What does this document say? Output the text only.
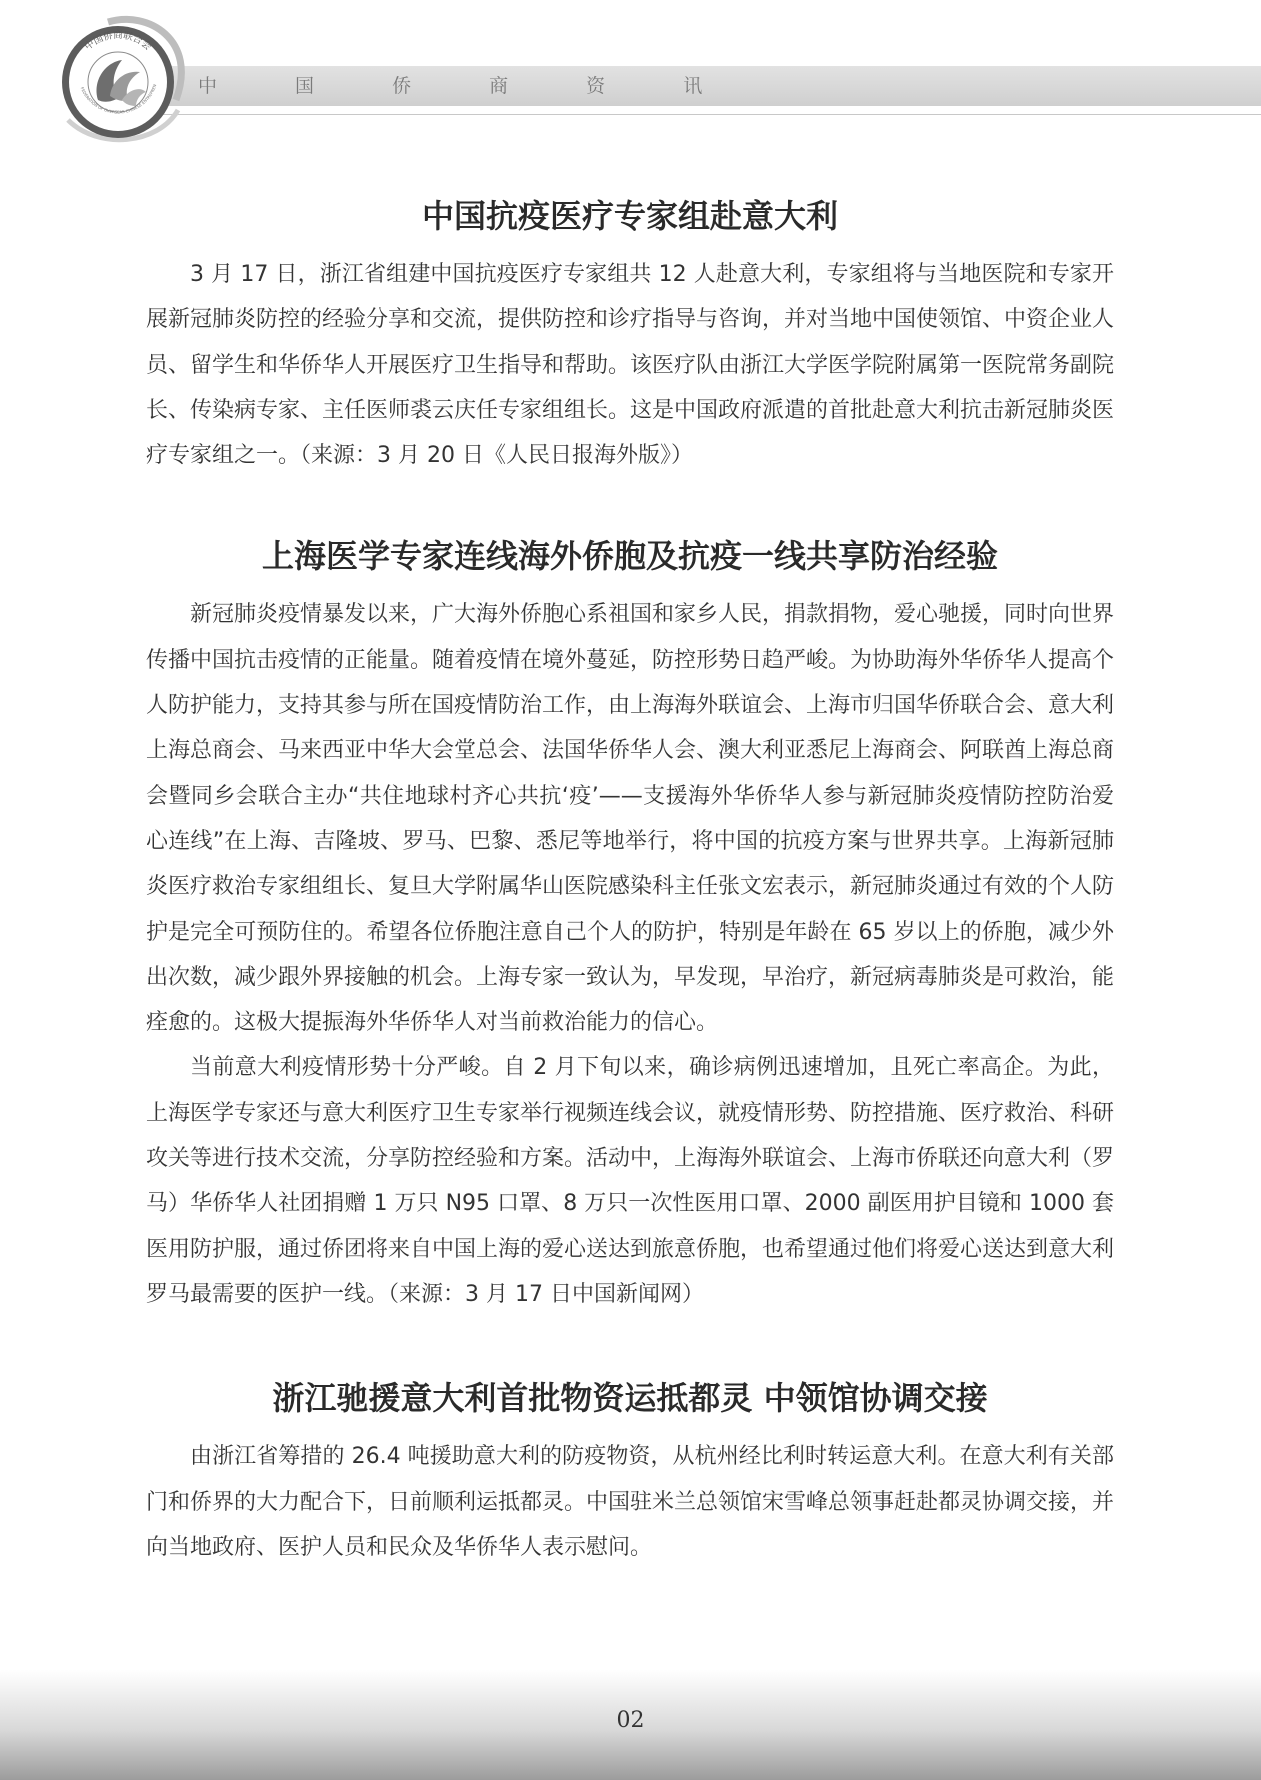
中国侨商联合会
FEDERATION OF OVERSEAS CHINESE ENTREPREN 中 国 侨 商 资 讯
中国抗疫医疗专家组赴意大利

3 月 17 日，浙江省组建中国抗疫医疗专家组共 12 人赴意大利，专家组将与当地医院和专家开展新冠肺炎防控的经验分享和交流，提供防控和诊疗指导与咨询，并对当地中国使领馆、中资企业人员、留学生和华侨华人开展医疗卫生指导和帮助。该医疗队由浙江大学医学院附属第一医院常务副院长、传染病专家、主任医师裘云庆任专家组组长。这是中国政府派遣的首批赴意大利抗击新冠肺炎医疗专家组之一。（来源：3 月 20 日《人民日报海外版》）

上海医学专家连线海外侨胞及抗疫一线共享防治经验

新冠肺炎疫情暴发以来，广大海外侨胞心系祖国和家乡人民，捐款捐物，爱心驰援，同时向世界传播中国抗击疫情的正能量。随着疫情在境外蔓延，防控形势日趋严峻。为协助海外华侨华人提高个人防护能力，支持其参与所在国疫情防治工作，由上海海外联谊会、上海市归国华侨联合会、意大利上海总商会、马来西亚中华大会堂总会、法国华侨华人会、澳大利亚悉尼上海商会、阿联酋上海总商会暨同乡会联合主办“共住地球村齐心共抗‘疫’——支援海外华侨华人参与新冠肺炎疫情防控防治爱心连线”在上海、吉隆坡、罗马、巴黎、悉尼等地举行，将中国的抗疫方案与世界共享。上海新冠肺炎医疗救治专家组组长、复旦大学附属华山医院感染科主任张文宏表示，新冠肺炎通过有效的个人防护是完全可预防住的。希望各位侨胞注意自己个人的防护，特别是年龄在 65 岁以上的侨胞，减少外出次数，减少跟外界接触的机会。上海专家一致认为，早发现，早治疗，新冠病毒肺炎是可救治，能痊愈的。这极大提振海外华侨华人对当前救治能力的信心。

当前意大利疫情形势十分严峻。自 2 月下旬以来，确诊病例迅速增加，且死亡率高企。为此，上海医学专家还与意大利医疗卫生专家举行视频连线会议，就疫情形势、防控措施、医疗救治、科研攻关等进行技术交流，分享防控经验和方案。活动中，上海海外联谊会、上海市侨联还向意大利（罗马）华侨华人社团捐赠 1 万只 N95 口罩、8 万只一次性医用口罩、2000 副医用护目镜和 1000 套医用防护服，通过侨团将来自中国上海的爱心送达到旅意侨胞，也希望通过他们将爱心送达到意大利罗马最需要的医护一线。（来源：3 月 17 日中国新闻网）

浙江驰援意大利首批物资运抵都灵 中领馆协调交接

由浙江省筹措的 26.4 吨援助意大利的防疫物资，从杭州经比利时转运意大利。在意大利有关部门和侨界的大力配合下，日前顺利运抵都灵。中国驻米兰总领馆宋雪峰总领事赶赴都灵协调交接，并向当地政府、医护人员和民众及华侨华人表示慰问。

02
